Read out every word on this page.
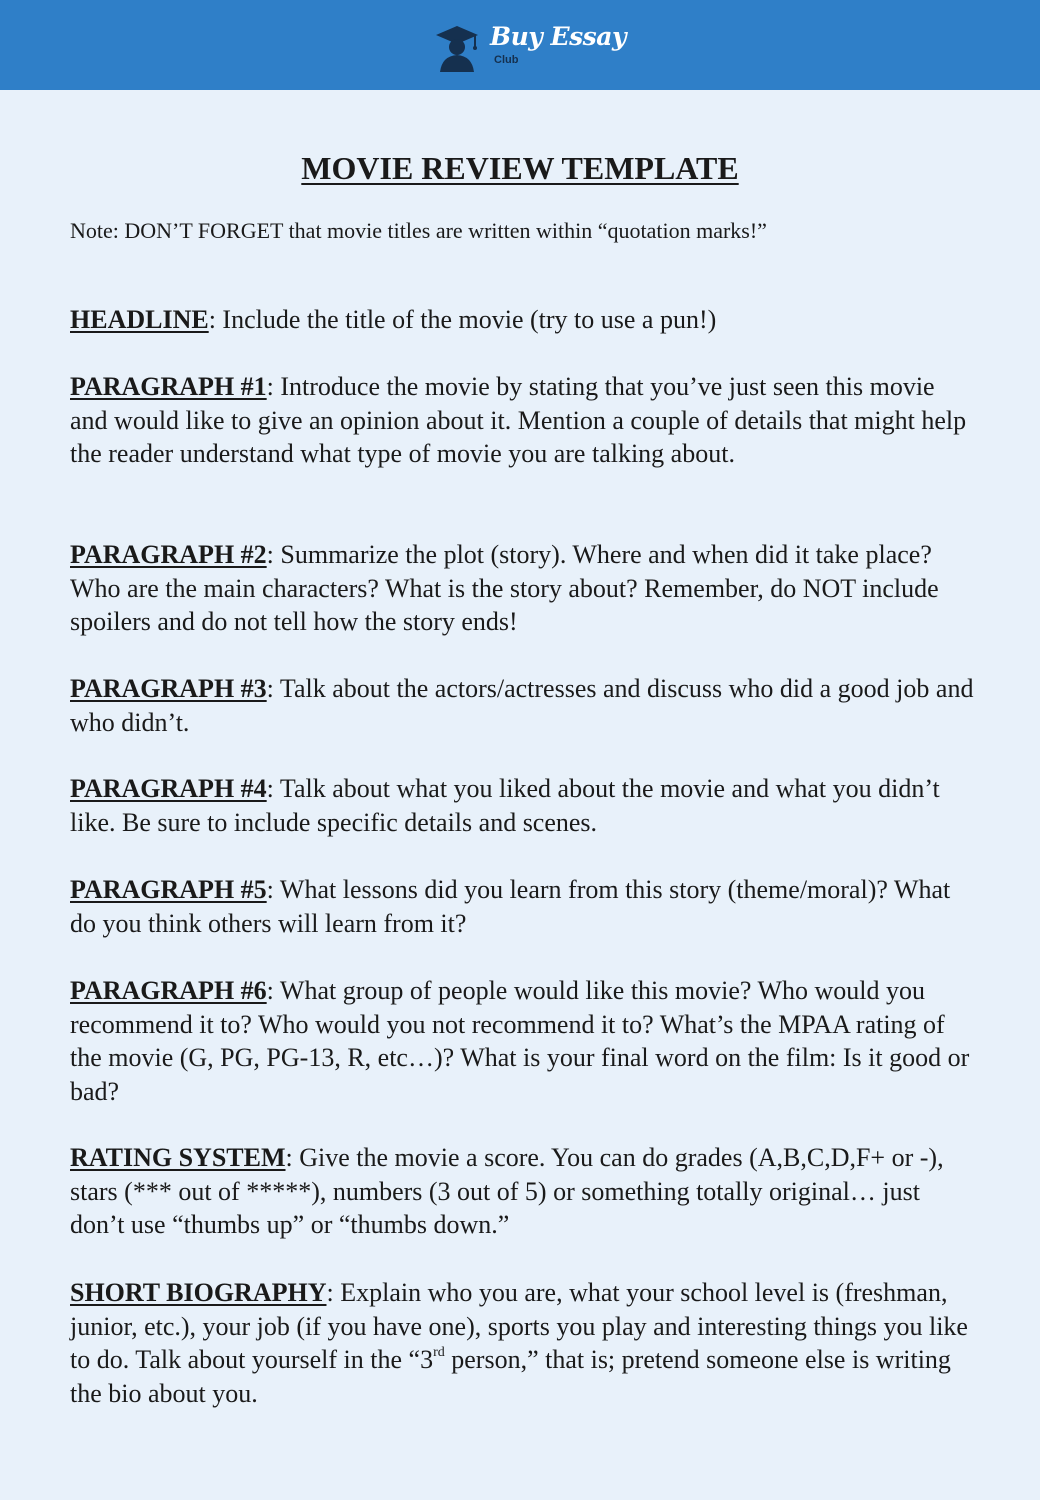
Buy Essay
Club
MOVIE REVIEW TEMPLATE
Note: DON’T FORGET that movie titles are written within “quotation marks!”

HEADLINE: Include the title of the movie (try to use a pun!)

PARAGRAPH #1: Introduce the movie by stating that you’ve just seen this movie and would like to give an opinion about it. Mention a couple of details that might help the reader understand what type of movie you are talking about.

PARAGRAPH #2: Summarize the plot (story). Where and when did it take place? Who are the main characters? What is the story about? Remember, do NOT include spoilers and do not tell how the story ends!

PARAGRAPH #3: Talk about the actors/actresses and discuss who did a good job and who didn’t.

PARAGRAPH #4: Talk about what you liked about the movie and what you didn’t like. Be sure to include specific details and scenes.

PARAGRAPH #5: What lessons did you learn from this story (theme/moral)? What do you think others will learn from it?

PARAGRAPH #6: What group of people would like this movie? Who would you recommend it to? Who would you not recommend it to? What’s the MPAA rating of the movie (G, PG, PG-13, R, etc…)? What is your final word on the film: Is it good or bad?

RATING SYSTEM: Give the movie a score. You can do grades (A,B,C,D,F+ or -), stars (*** out of *****), numbers (3 out of 5) or something totally original… just don’t use “thumbs up” or “thumbs down.”

SHORT BIOGRAPHY: Explain who you are, what your school level is (freshman, junior, etc.), your job (if you have one), sports you play and interesting things you like to do. Talk about yourself in the “3rd person,” that is; pretend someone else is writing the bio about you.
